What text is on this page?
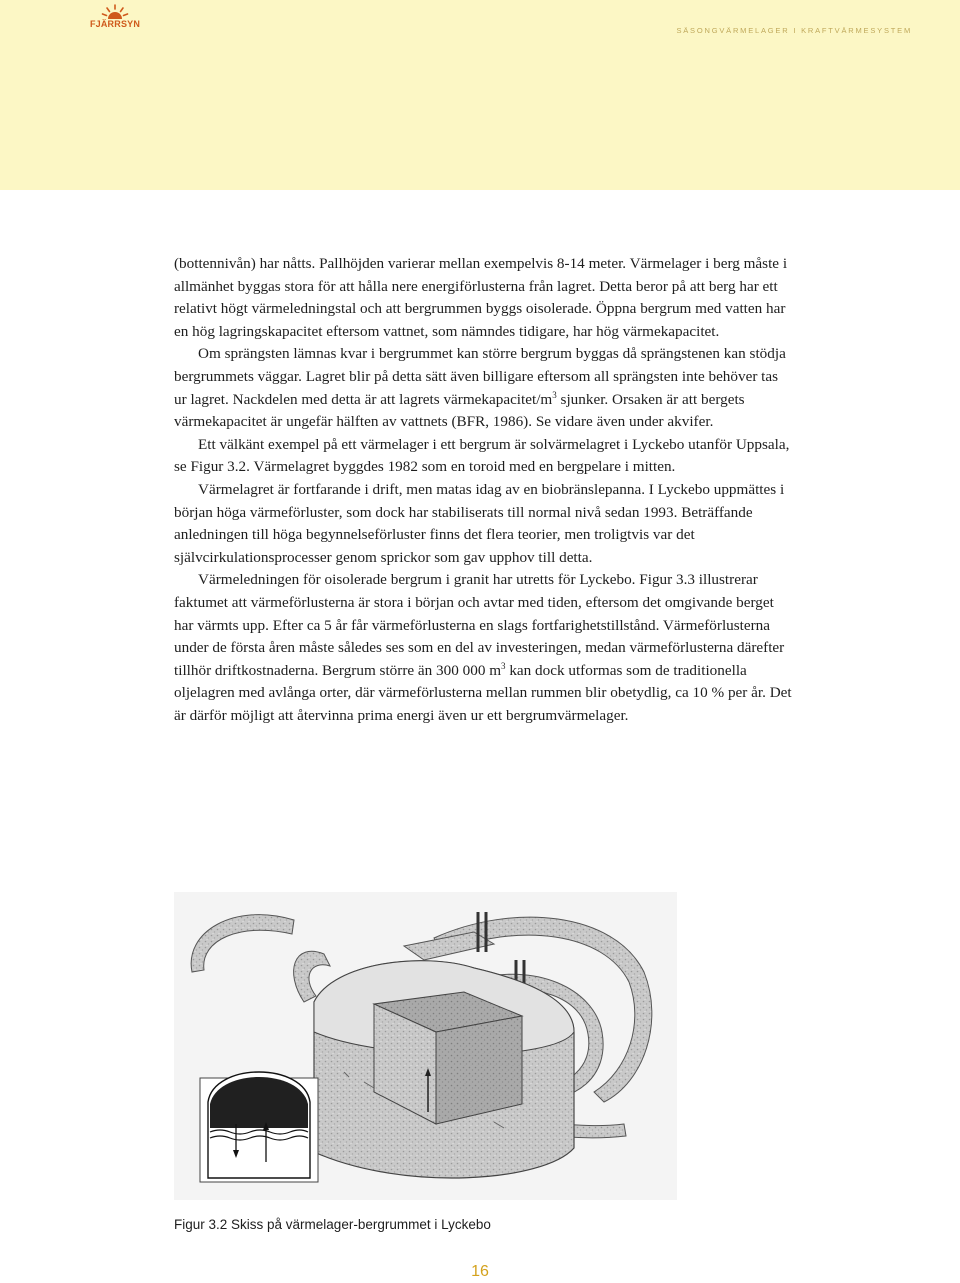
FJÄRRSYN
SÄSONGVÄRMELAGER I KRAFTVÄRMESYSTEM

(bottennivån) har nåtts. Pallhöjden varierar mellan exempelvis 8-14 meter. Värmelager i berg måste i allmänhet byggas stora för att hålla nere energiförlusterna från lagret. Detta beror på att berg har ett relativt högt värmeledningstal och att bergrummen byggs oisolerade. Öppna bergrum med vatten har en hög lagringskapacitet eftersom vattnet, som nämndes tidigare, har hög värmekapacitet.

Om sprängsten lämnas kvar i bergrummet kan större bergrum byggas då sprängstenen kan stödja bergrummets väggar. Lagret blir på detta sätt även billigare eftersom all sprängsten inte behöver tas ur lagret. Nackdelen med detta är att lagrets värmekapacitet/$m^3$ sjunker. Orsaken är att bergets värmekapacitet är ungefär hälften av vattnets (BFR, 1986). Se vidare även under akvifer.

Ett välkänt exempel på ett värmelager i ett bergrum är solvärmelagret i Lyckebo utanför Uppsala, se Figur 3.2. Värmelagret byggdes 1982 som en toroid med en bergpelare i mitten.

Värmelagret är fortfarande i drift, men matas idag av en biobränslepanna. I Lyckebo uppmättes i början höga värmeförluster, som dock har stabiliserats till normal nivå sedan 1993. Beträffande anledningen till höga begynnelseförluster finns det flera teorier, men troligtvis var det självcirkulationsprocesser genom sprickor som gav upphov till detta.

Värmeledningen för oisolerade bergrum i granit har utretts för Lyckebo. Figur 3.3 illustrerar faktumet att värmeförlusterna är stora i början och avtar med tiden, eftersom det omgivande berget har värmts upp. Efter ca 5 år får värmeförlusterna en slags fortfarighetstillstånd. Värmeförlusterna under de första åren måste således ses som en del av investeringen, medan värmeförlusterna därefter tillhör driftkostnaderna. Bergrum större än 300 000 $m^3$ kan dock utformas som de traditionella oljelagren med avlånga orter, där värmeförlusterna mellan rummen blir obetydlig, ca 10 % per år. Det är därför möjligt att återvinna prima energi även ur ett bergrumvärmelager.

Figur 3.2 Skiss på värmelager-bergrummet i Lyckebo
16
